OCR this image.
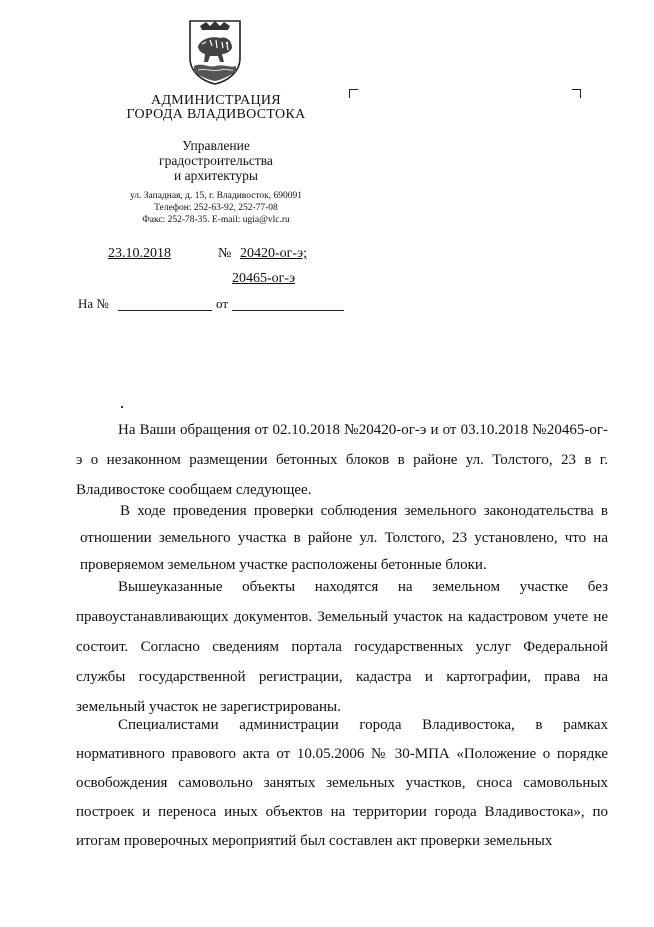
АДМИНИСТРАЦИЯ
ГОРОДА ВЛАДИВОСТОКА
Управление
градостроительства
и архитектуры
ул. Западная, д. 15, г. Владивосток, 690091
Телефон: 252-63-92, 252-77-08
Факс: 252-78-35. E-mail: ugia@vlc.ru
23.10.2018	№ 20420-ог-э;
20465-ог-э
На №	от
На Ваши обращения от 02.10.2018 №20420-ог-э и от 03.10.2018 №20465-ог-э о незаконном размещении бетонных блоков в районе ул. Толстого, 23 в г. Владивостоке сообщаем следующее.
В ходе проведения проверки соблюдения земельного законодательства в отношении земельного участка в районе ул. Толстого, 23 установлено, что на проверяемом земельном участке расположены бетонные блоки.
Вышеуказанные объекты находятся на земельном участке без правоустанавливающих документов. Земельный участок на кадастровом учете не состоит. Согласно сведениям портала государственных услуг Федеральной службы государственной регистрации, кадастра и картографии, права на земельный участок не зарегистрированы.
Специалистами администрации города Владивостока, в рамках нормативного правового акта от 10.05.2006 № 30-МПА «Положение о порядке освобождения самовольно занятых земельных участков, сноса самовольных построек и переноса иных объектов на территории города Владивостока», по итогам проверочных мероприятий был составлен акт проверки земельных
